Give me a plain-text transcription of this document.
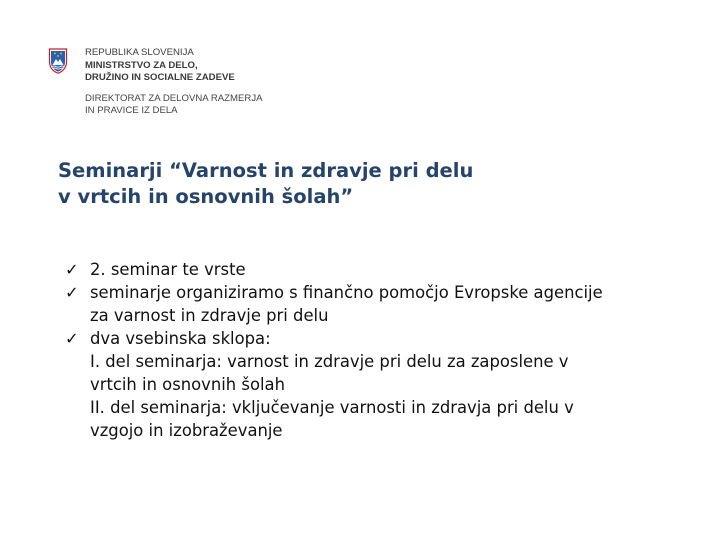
REPUBLIKA SLOVENIJA
MINISTRSTVO ZA DELO,
DRUŽINO IN SOCIALNE ZADEVE
DIREKTORAT ZA DELOVNA RAZMERJA
IN PRAVICE IZ DELA
Seminarji “Varnost in zdravje pri delu
v vrtcih in osnovnih šolah”
✓ 2. seminar te vrste
✓ seminarje organiziramo s finančno pomočjo Evropske agencije
za varnost in zdravje pri delu
✓ dva vsebinska sklopa:
I. del seminarja: varnost in zdravje pri delu za zaposlene v
vrtcih in osnovnih šolah
II. del seminarja: vključevanje varnosti in zdravja pri delu v
vzgojo in izobraževanje
